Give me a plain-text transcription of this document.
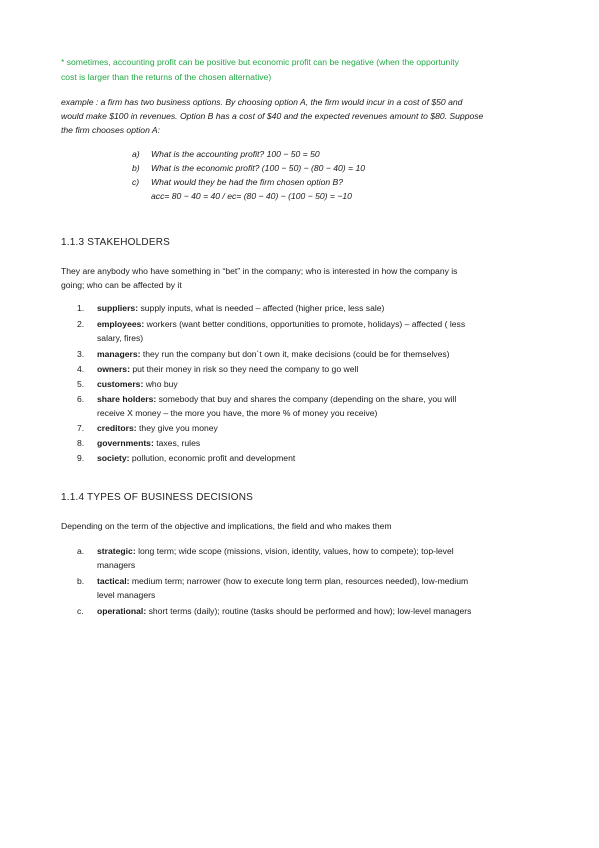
* sometimes, accounting profit can be positive but economic profit can be negative (when the opportunity
cost is larger than the returns of the chosen alternative)
example : a firm has two business options. By choosing option A, the firm would incur in a cost of $50 and
would make $100 in revenues. Option B has a cost of $40 and the expected revenues amount to $80. Suppose
the firm chooses option A:
a) What is the accounting profit? 100 − 50 = 50
b) What is the economic profit? (100 − 50) − (80 − 40) = 10
c) What would they be had the firm chosen option B?
acc= 80 − 40 = 40 / ec= (80 − 40) − (100 − 50) = −10
1.1.3 STAKEHOLDERS
They are anybody who have something in “bet” in the company; who is interested in how the company is
going; who can be affected by it
1. suppliers: supply inputs, what is needed – affected (higher price, less sale)
2. employees: workers (want better conditions, opportunities to promote, holidays) – affected ( less
salary, fires)
3. managers: they run the company but don´t own it, make decisions (could be for themselves)
4. owners: put their money in risk so they need the company to go well
5. customers: who buy
6. share holders: somebody that buy and shares the company (depending on the share, you will
receive X money – the more you have, the more % of money you receive)
7. creditors: they give you money
8. governments: taxes, rules
9. society: pollution, economic profit and development
1.1.4 TYPES OF BUSINESS DECISIONS
Depending on the term of the objective and implications, the field and who makes them
a. strategic: long term; wide scope (missions, vision, identity, values, how to compete); top-level
managers
b. tactical: medium term; narrower (how to execute long term plan, resources needed), low-medium
level managers
c. operational: short terms (daily); routine (tasks should be performed and how); low-level managers
